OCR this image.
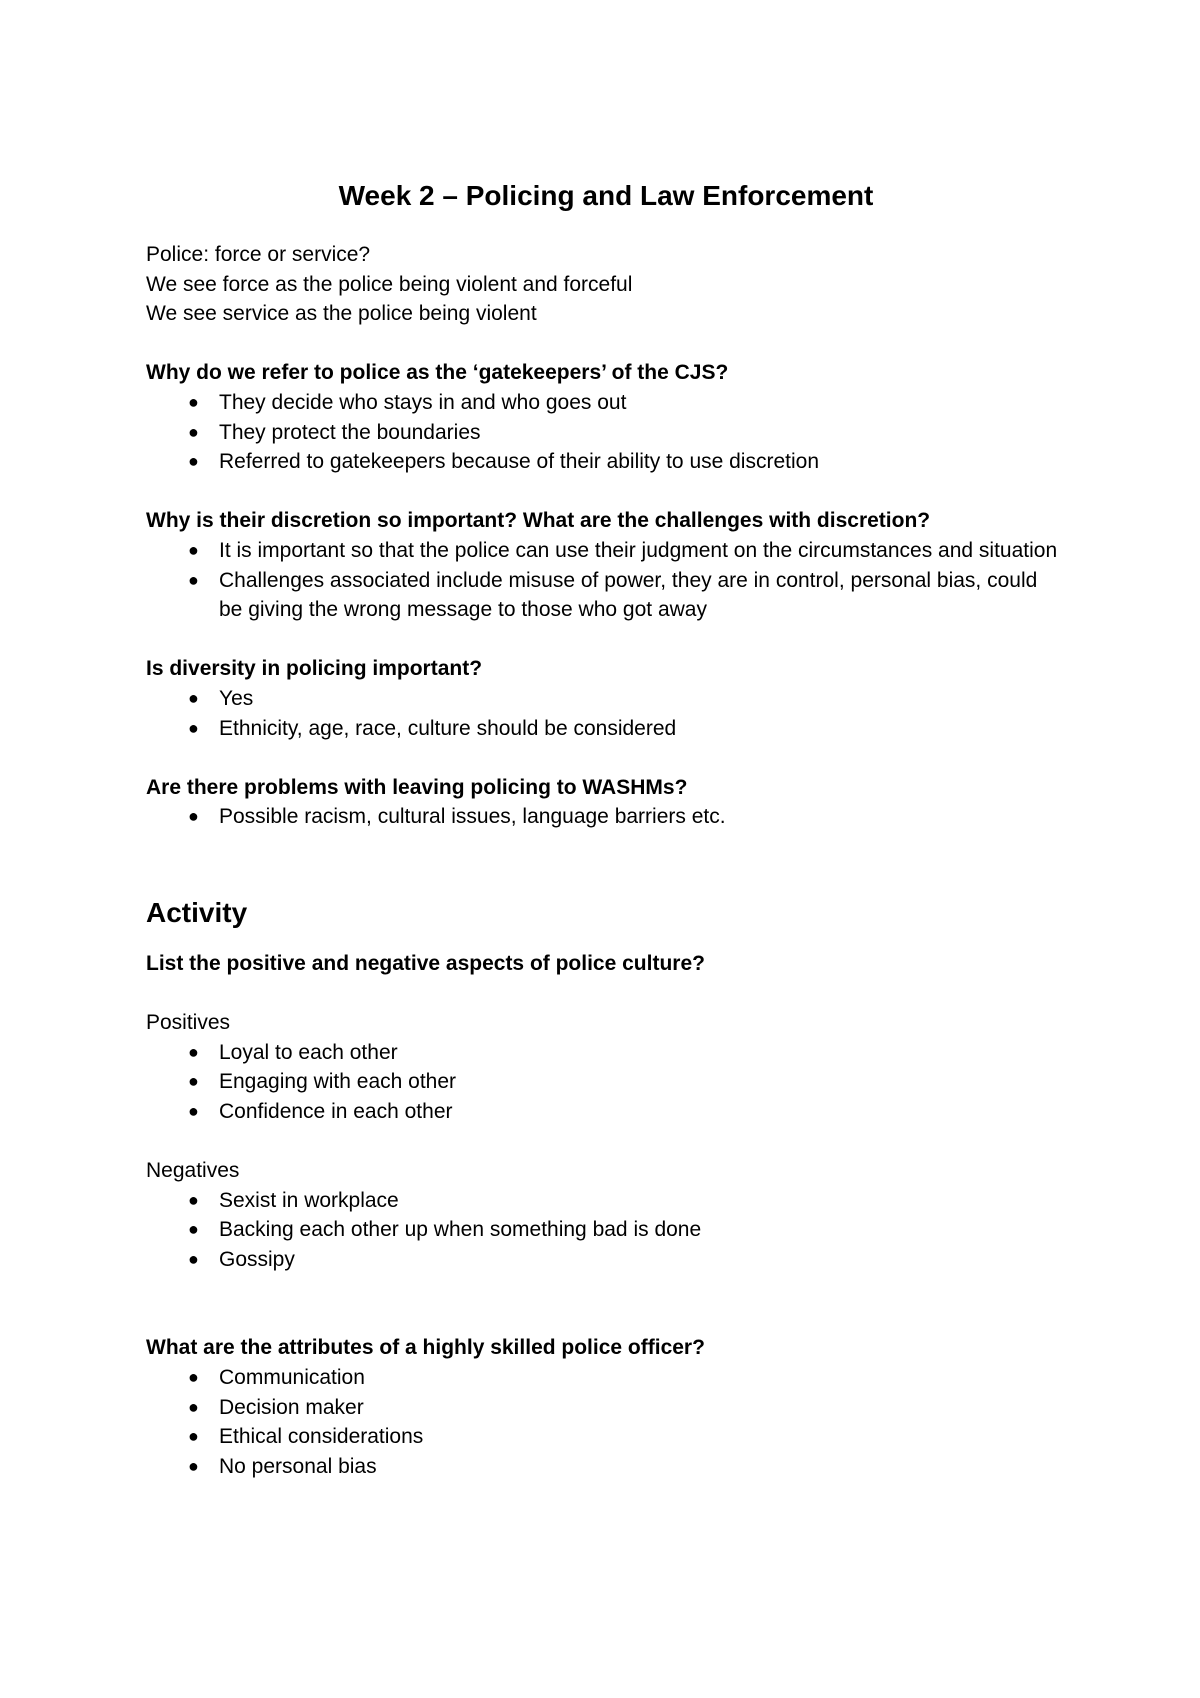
Week 2 – Policing and Law Enforcement

Police: force or service?

We see force as the police being violent and forceful

We see service as the police being violent

Why do we refer to police as the ‘gatekeepers’ of the CJS?

● They decide who stays in and who goes out
● They protect the boundaries
● Referred to gatekeepers because of their ability to use discretion

Why is their discretion so important? What are the challenges with discretion?

● It is important so that the police can use their judgment on the circumstances and situation
● Challenges associated include misuse of power, they are in control, personal bias, could be giving the wrong message to those who got away

Is diversity in policing important?

● Yes
● Ethnicity, age, race, culture should be considered

Are there problems with leaving policing to WASHMs?

● Possible racism, cultural issues, language barriers etc.
Activity

List the positive and negative aspects of police culture?

Positives

● Loyal to each other
● Engaging with each other
● Confidence in each other

Negatives

● Sexist in workplace
● Backing each other up when something bad is done
● Gossipy

What are the attributes of a highly skilled police officer?

● Communication
● Decision maker
● Ethical considerations
● No personal bias
